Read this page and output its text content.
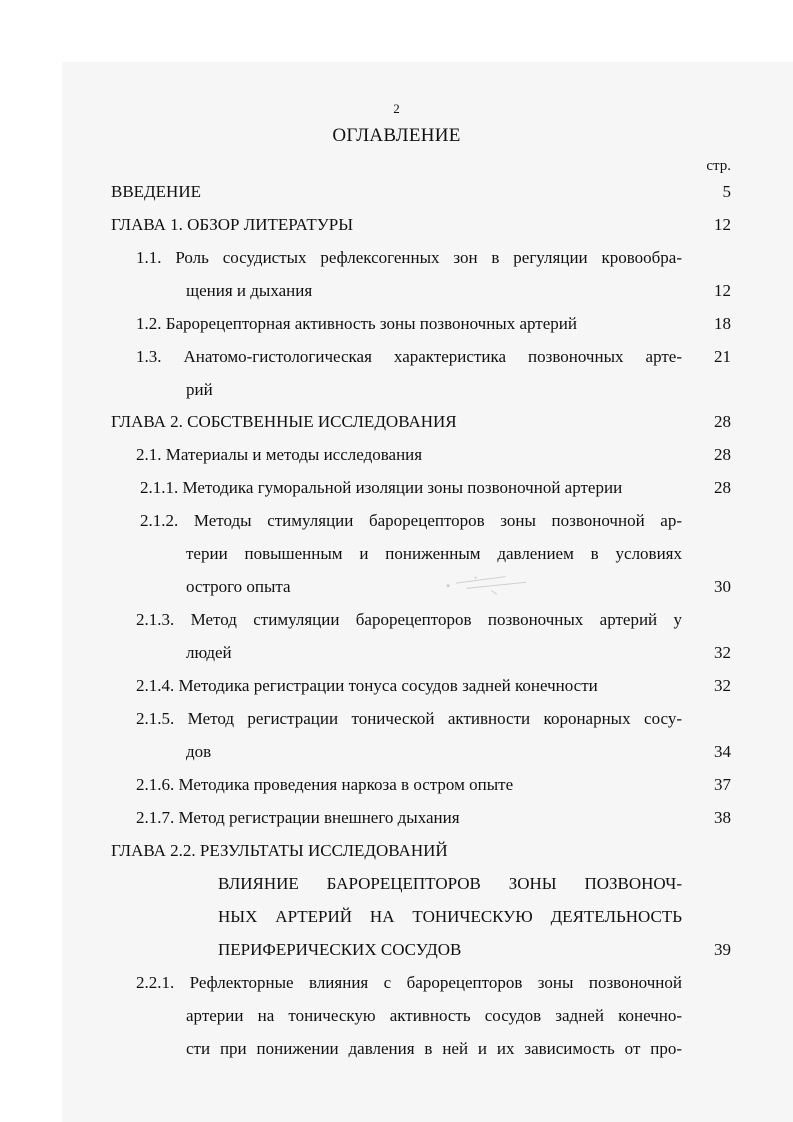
2
ОГЛАВЛЕНИЕ
стр.
ВВЕДЕНИЕ	5
ГЛАВА 1. ОБЗОР ЛИТЕРАТУРЫ	12
1.1. Роль сосудистых рефлексогенных зон в регуляции кровообра-
щения и дыхания	12
1.2. Барорецепторная активность зоны позвоночных артерий	18
1.3. Анатомо-гистологическая характеристика позвоночных арте-	21
рий
ГЛАВА 2. СОБСТВЕННЫЕ ИССЛЕДОВАНИЯ	28
2.1. Материалы и методы исследования	28
2.1.1. Методика гуморальной изоляции зоны позвоночной артерии	28
2.1.2. Методы стимуляции барорецепторов зоны позвоночной ар-
терии повышенным и пониженным давлением в условиях
острого опыта	30
2.1.3. Метод стимуляции барорецепторов позвоночных артерий у
людей	32
2.1.4. Методика регистрации тонуса сосудов задней конечности	32
2.1.5. Метод регистрации тонической активности коронарных сосу-
дов	34
2.1.6. Методика проведения наркоза в остром опыте	37
2.1.7. Метод регистрации внешнего дыхания	38
ГЛАВА 2.2. РЕЗУЛЬТАТЫ ИССЛЕДОВАНИЙ
ВЛИЯНИЕ БАРОРЕЦЕПТОРОВ ЗОНЫ ПОЗВОНОЧ-
НЫХ АРТЕРИЙ НА ТОНИЧЕСКУЮ ДЕЯТЕЛЬНОСТЬ
ПЕРИФЕРИЧЕСКИХ СОСУДОВ	39
2.2.1. Рефлекторные влияния с барорецепторов зоны позвоночной
артерии на тоническую активность сосудов задней конечно-
сти при понижении давления в ней и их зависимость от про-
